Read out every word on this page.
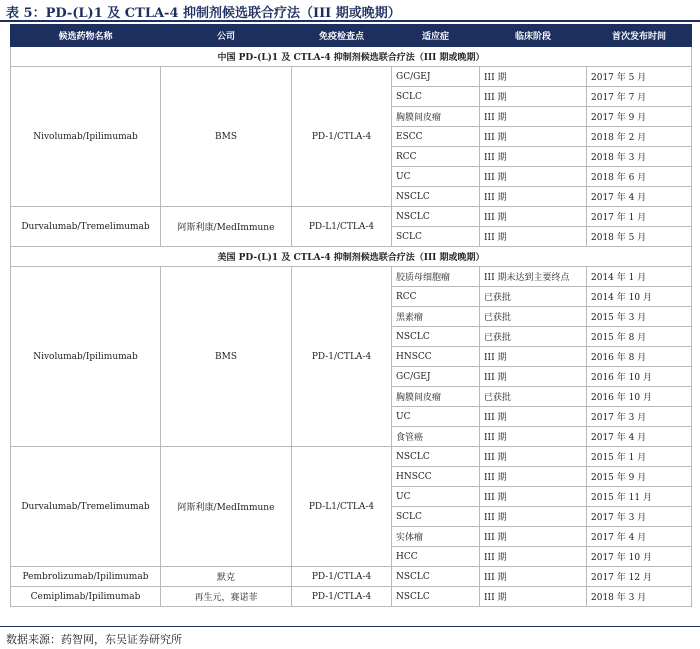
表 5：PD-(L)1 及 CTLA-4 抑制剂候选联合疗法（III 期或晚期）
候选药物名称	公司	免疫检查点	适应症	临床阶段	首次发布时间
中国 PD-(L)1 及 CTLA-4 抑制剂候选联合疗法（III 期或晚期）					
Nivolumab/Ipilimumab	BMS	PD-1/CTLA-4	GC/GEJ	III 期	2017 年 5 月
			SCLC	III 期	2017 年 7 月
			胸膜间皮瘤	III 期	2017 年 9 月
			ESCC	III 期	2018 年 2 月
			RCC	III 期	2018 年 3 月
			UC	III 期	2018 年 6 月
			NSCLC	III 期	2017 年 4 月
Durvalumab/Tremelimumab	阿斯利康/MedImmune	PD-L1/CTLA-4	NSCLC	III 期	2017 年 1 月
			SCLC	III 期	2018 年 5 月
美国 PD-(L)1 及 CTLA-4 抑制剂候选联合疗法（III 期或晚期）					
Nivolumab/Ipilimumab	BMS	PD-1/CTLA-4	胶质母细胞瘤	III 期未达到主要终点	2014 年 1 月
			RCC	已获批	2014 年 10 月
			黑素瘤	已获批	2015 年 3 月
			NSCLC	已获批	2015 年 8 月
			HNSCC	III 期	2016 年 8 月
			GC/GEJ	III 期	2016 年 10 月
			胸膜间皮瘤	已获批	2016 年 10 月
			UC	III 期	2017 年 3 月
			食管癌	III 期	2017 年 4 月
Durvalumab/Tremelimumab	阿斯利康/MedImmune	PD-L1/CTLA-4	NSCLC	III 期	2015 年 1 月
			HNSCC	III 期	2015 年 9 月
			UC	III 期	2015 年 11 月
			SCLC	III 期	2017 年 3 月
			实体瘤	III 期	2017 年 4 月
			HCC	III 期	2017 年 10 月
Pembrolizumab/Ipilimumab	默克	PD-1/CTLA-4	NSCLC	III 期	2017 年 12 月
Cemiplimab/Ipilimumab	再生元，赛诺菲	PD-1/CTLA-4	NSCLC	III 期	2018 年 3 月
数据来源：药智网，东吴证券研究所
